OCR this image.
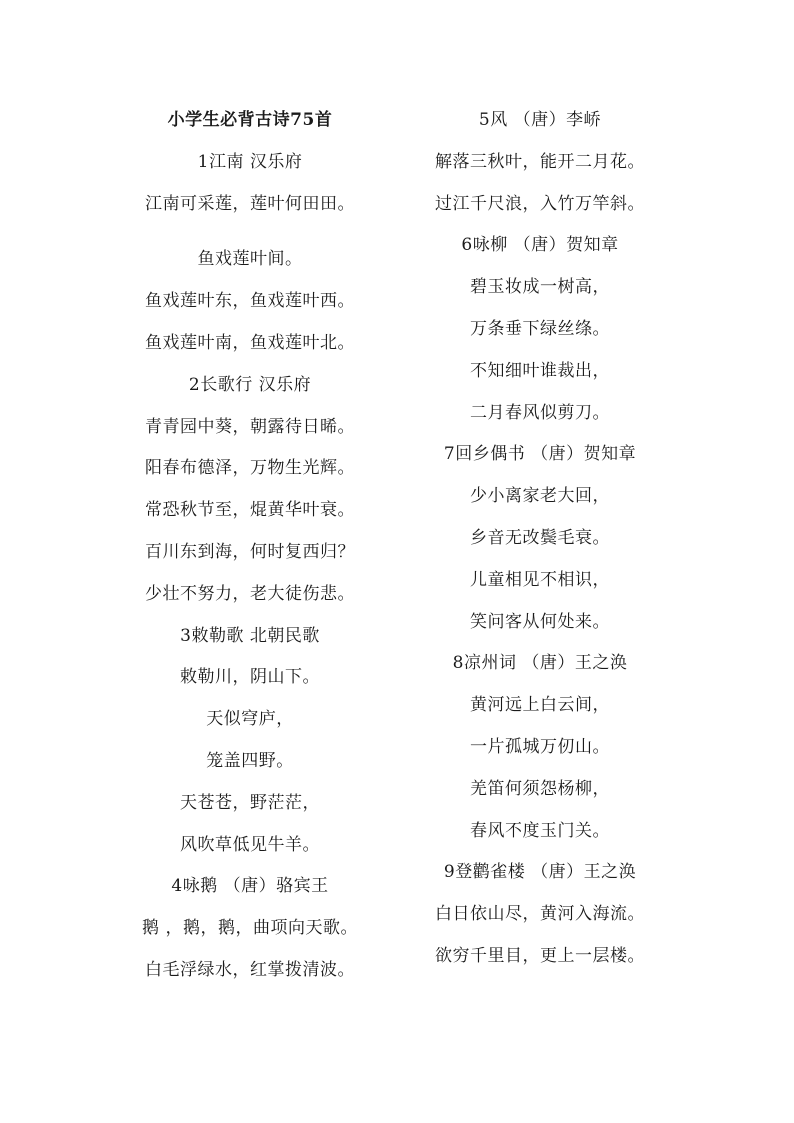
小学生必背古诗75首
1江南 汉乐府
江南可采莲，莲叶何田田。
鱼戏莲叶间。
鱼戏莲叶东，鱼戏莲叶西。
鱼戏莲叶南，鱼戏莲叶北。
2长歌行 汉乐府
青青园中葵，朝露待日晞。
阳春布德泽，万物生光辉。
常恐秋节至，焜黄华叶衰。
百川东到海，何时复西归？
少壮不努力，老大徒伤悲。
3敕勒歌 北朝民歌
敕勒川，阴山下。
天似穹庐，
笼盖四野。
天苍苍，野茫茫，
风吹草低见牛羊。
4咏鹅 （唐）骆宾王
鹅 ，鹅，鹅，曲项向天歌。
白毛浮绿水，红掌拨清波。
5风 （唐）李峤
解落三秋叶，能开二月花。
过江千尺浪，入竹万竿斜。
6咏柳 （唐）贺知章
碧玉妆成一树高，
万条垂下绿丝绦。
不知细叶谁裁出，
二月春风似剪刀。
7回乡偶书 （唐）贺知章
少小离家老大回，
乡音无改鬓毛衰。
儿童相见不相识，
笑问客从何处来。
8凉州词 （唐）王之涣
黄河远上白云间，
一片孤城万仞山。
羌笛何须怨杨柳，
春风不度玉门关。
9登鹳雀楼 （唐）王之涣
白日依山尽，黄河入海流。
欲穷千里目，更上一层楼。
